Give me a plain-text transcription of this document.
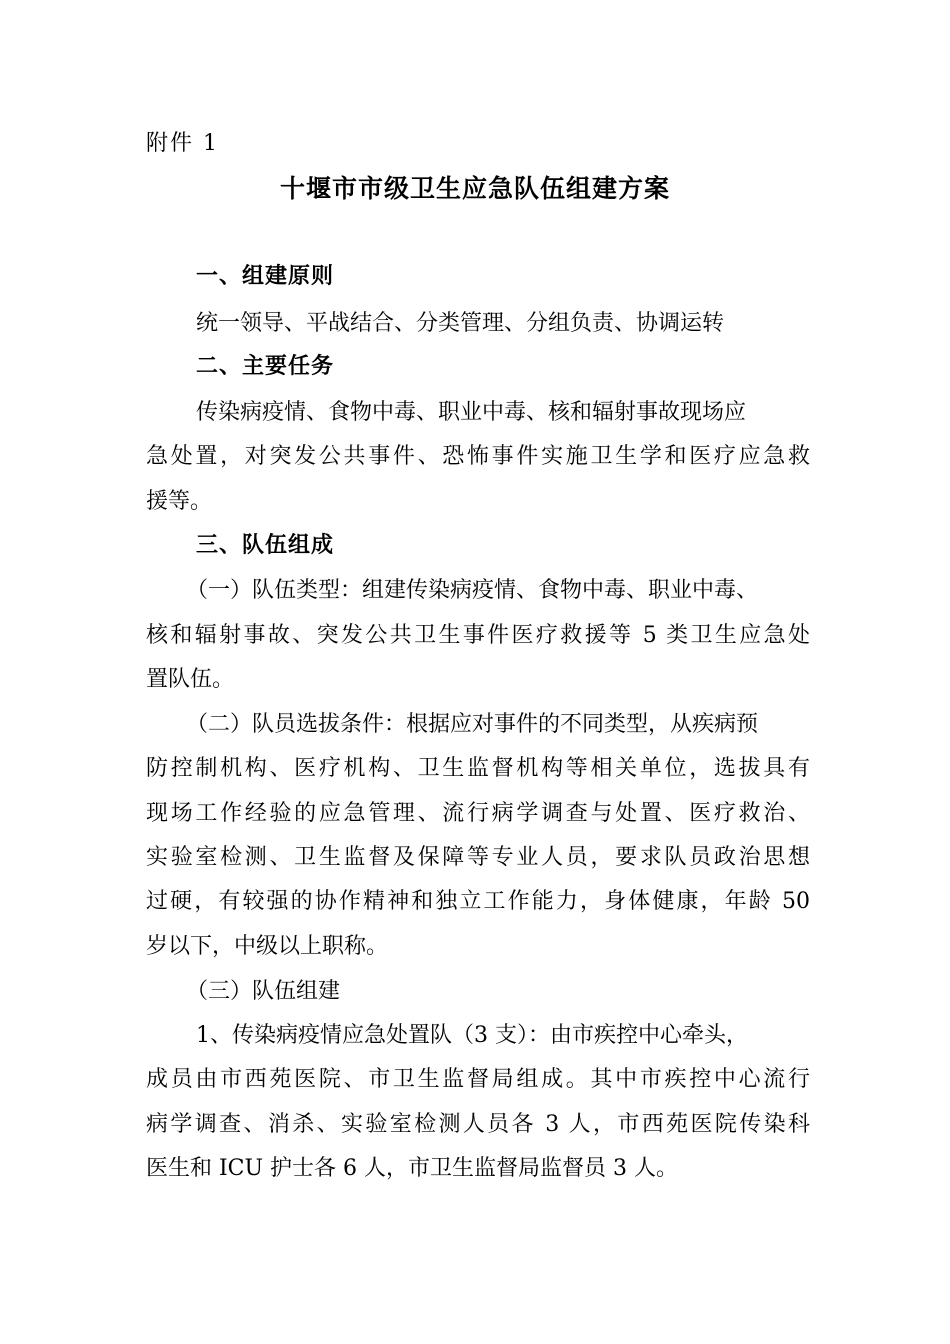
附件 1
十堰市市级卫生应急队伍组建方案
一、组建原则
统一领导、平战结合、分类管理、分组负责、协调运转
二、主要任务
传染病疫情、食物中毒、职业中毒、核和辐射事故现场应
急处置，对突发公共事件、恐怖事件实施卫生学和医疗应急救
援等。
三、队伍组成
（一）队伍类型：组建传染病疫情、食物中毒、职业中毒、
核和辐射事故、突发公共卫生事件医疗救援等 5 类卫生应急处
置队伍。
（二）队员选拔条件：根据应对事件的不同类型，从疾病预
防控制机构、医疗机构、卫生监督机构等相关单位，选拔具有
现场工作经验的应急管理、流行病学调查与处置、医疗救治、
实验室检测、卫生监督及保障等专业人员，要求队员政治思想
过硬，有较强的协作精神和独立工作能力，身体健康，年龄 50
岁以下，中级以上职称。
（三）队伍组建
1、传染病疫情应急处置队（3 支）：由市疾控中心牵头，
成员由市西苑医院、市卫生监督局组成。其中市疾控中心流行
病学调查、消杀、实验室检测人员各 3 人，市西苑医院传染科
医生和 ICU 护士各 6 人，市卫生监督局监督员 3 人。
